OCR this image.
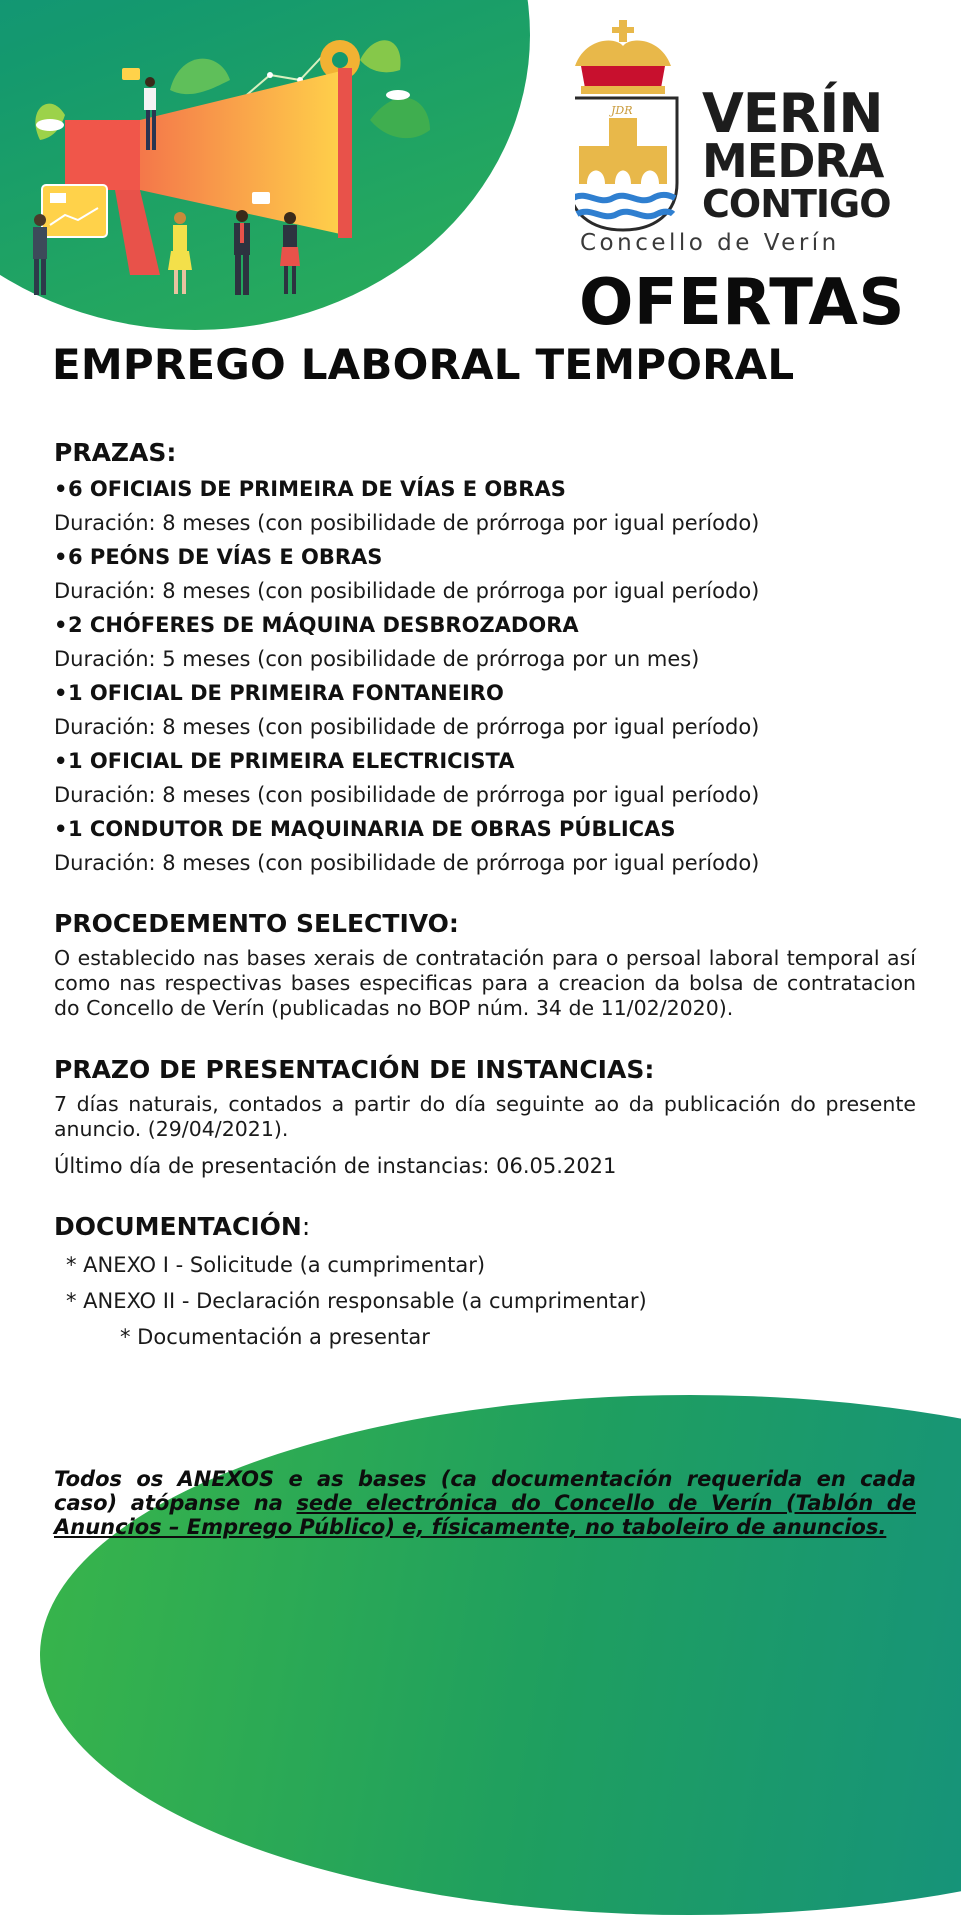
JDR VERÍN
MEDRA
CONTIGO
Concello de Verín
OFERTAS
EMPREGO LABORAL TEMPORAL
PRAZAS:
•6 OFICIAIS DE PRIMEIRA DE VÍAS E OBRAS
Duración: 8 meses (con posibilidade de prórroga por igual período)
•6 PEÓNS DE VÍAS E OBRAS
Duración: 8 meses (con posibilidade de prórroga por igual período)
•2 CHÓFERES DE MÁQUINA DESBROZADORA
Duración: 5 meses (con posibilidade de prórroga por un mes)
•1 OFICIAL DE PRIMEIRA FONTANEIRO
Duración: 8 meses (con posibilidade de prórroga por igual período)
•1 OFICIAL DE PRIMEIRA ELECTRICISTA
Duración: 8 meses (con posibilidade de prórroga por igual período)
•1 CONDUTOR DE MAQUINARIA DE OBRAS PÚBLICAS
Duración: 8 meses (con posibilidade de prórroga por igual período)
PROCEDEMENTO SELECTIVO:

O establecido nas bases xerais de contratación para o persoal laboral temporal así como nas respectivas bases especificas para a creacion da bolsa de contratacion do Concello de Verín (publicadas no BOP núm. 34 de 11/02/2020).

PRAZO DE PRESENTACIÓN DE INSTANCIAS:

7 días naturais, contados a partir do día seguinte ao da publicación do presente anuncio. (29/04/2021).

Último día de presentación de instancias: 06.05.2021
DOCUMENTACIÓN:
* ANEXO I - Solicitude (a cumprimentar)
* ANEXO II - Declaración responsable (a cumprimentar)
* Documentación a presentar
Todos os ANEXOS e as bases (ca documentación requerida en cada caso) atópanse na sede electrónica do Concello de Verín (Tablón de Anuncios – Emprego Público) e, físicamente, no taboleiro de anuncios.
